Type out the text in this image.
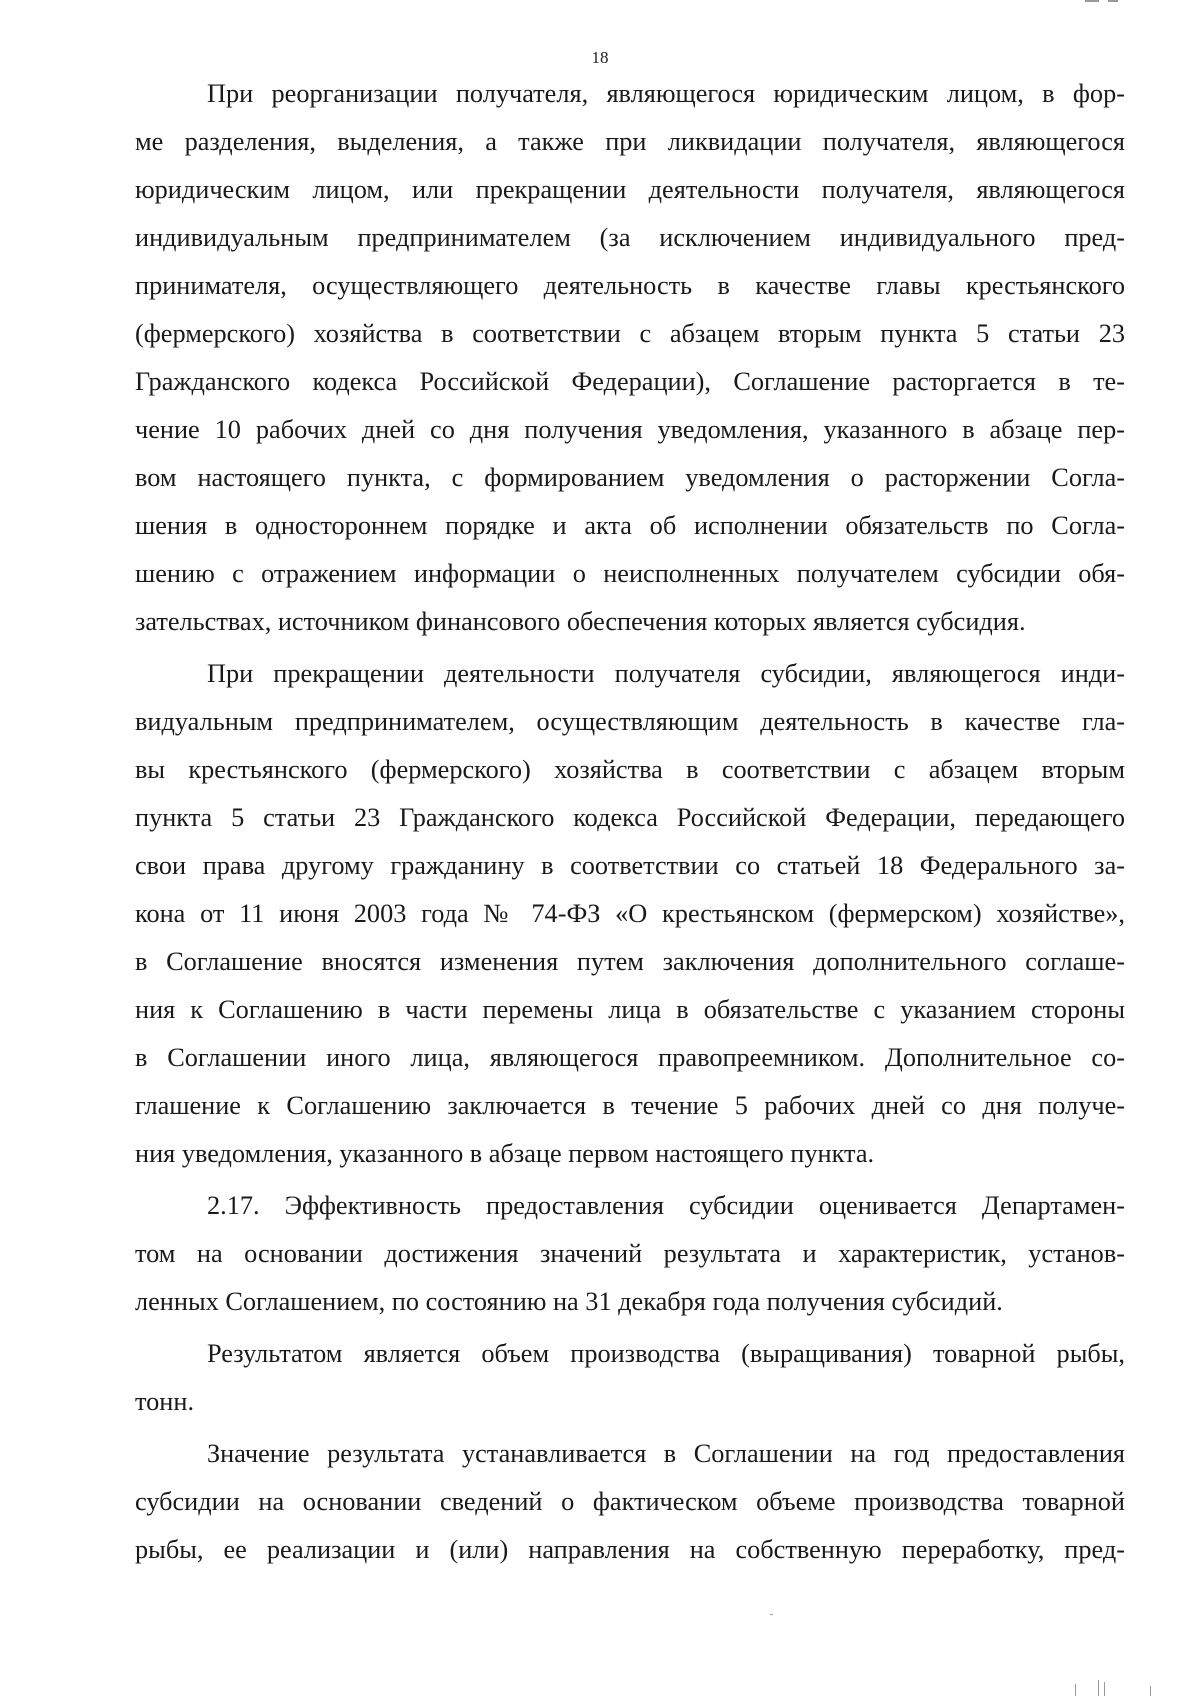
18
При реорганизации получателя, являющегося юридическим лицом, в фор-
ме разделения, выделения, а также при ликвидации получателя, являющегося
юридическим лицом, или прекращении деятельности получателя, являющегося
индивидуальным предпринимателем (за исключением индивидуального пред-
принимателя, осуществляющего деятельность в качестве главы крестьянского
(фермерского) хозяйства в соответствии с абзацем вторым пункта 5 статьи 23
Гражданского кодекса Российской Федерации), Соглашение расторгается в те-
чение 10 рабочих дней со дня получения уведомления, указанного в абзаце пер-
вом настоящего пункта, с формированием уведомления о расторжении Согла-
шения в одностороннем порядке и акта об исполнении обязательств по Согла-
шению с отражением информации о неисполненных получателем субсидии обя-
зательствах, источником финансового обеспечения которых является субсидия.
При прекращении деятельности получателя субсидии, являющегося инди-
видуальным предпринимателем, осуществляющим деятельность в качестве гла-
вы крестьянского (фермерского) хозяйства в соответствии с абзацем вторым
пункта 5 статьи 23 Гражданского кодекса Российской Федерации, передающего
свои права другому гражданину в соответствии со статьей 18 Федерального за-
кона от 11 июня 2003 года № 74-ФЗ «О крестьянском (фермерском) хозяйстве»,
в Соглашение вносятся изменения путем заключения дополнительного соглаше-
ния к Соглашению в части перемены лица в обязательстве с указанием стороны
в Соглашении иного лица, являющегося правопреемником. Дополнительное со-
глашение к Соглашению заключается в течение 5 рабочих дней со дня получе-
ния уведомления, указанного в абзаце первом настоящего пункта.
2.17. Эффективность предоставления субсидии оценивается Департамен-
том на основании достижения значений результата и характеристик, установ-
ленных Соглашением, по состоянию на 31 декабря года получения субсидий.
Результатом является объем производства (выращивания) товарной рыбы,
тонн.
Значение результата устанавливается в Соглашении на год предоставления
субсидии на основании сведений о фактическом объеме производства товарной
рыбы, ее реализации и (или) направления на собственную переработку, пред-
